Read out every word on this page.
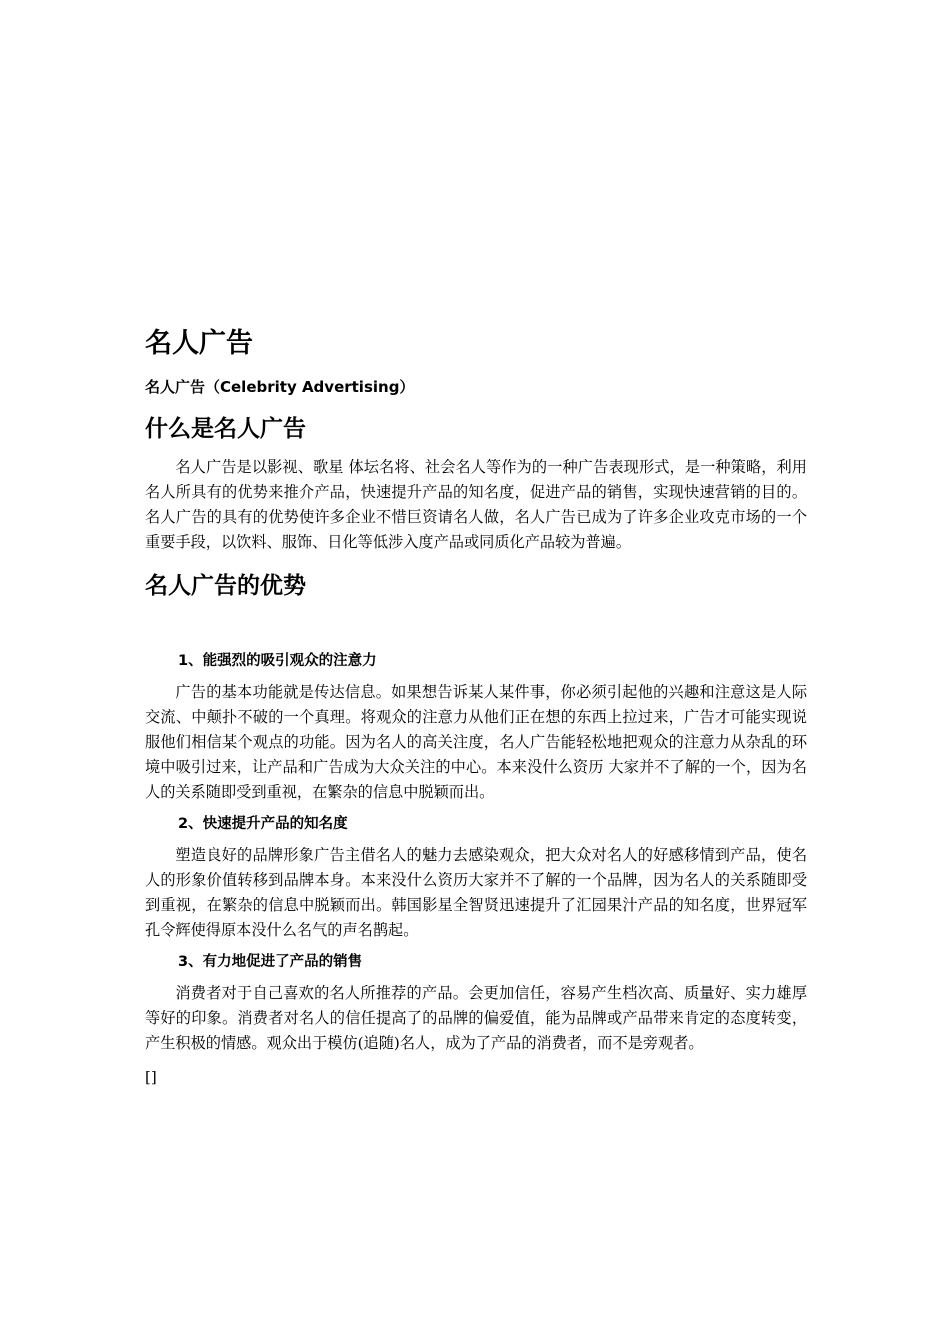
名人广告

名人广告（Celebrity Advertising）

什么是名人广告

名人广告是以影视、歌星 体坛名将、社会名人等作为的一种广告表现形式，是一种策略，利用名人所具有的优势来推介产品，快速提升产品的知名度，促进产品的销售，实现快速营销的目的。名人广告的具有的优势使许多企业不惜巨资请名人做，名人广告已成为了许多企业攻克市场的一个重要手段，以饮料、服饰、日化等低涉入度产品或同质化产品较为普遍。

名人广告的优势
1、能强烈的吸引观众的注意力

广告的基本功能就是传达信息。如果想告诉某人某件事，你必须引起他的兴趣和注意这是人际交流、中颠扑不破的一个真理。将观众的注意力从他们正在想的东西上拉过来，广告才可能实现说服他们相信某个观点的功能。因为名人的高关注度，名人广告能轻松地把观众的注意力从杂乱的环境中吸引过来，让产品和广告成为大众关注的中心。本来没什么资历 大家并不了解的一个，因为名人的关系随即受到重视，在繁杂的信息中脱颖而出。

2、快速提升产品的知名度

塑造良好的品牌形象广告主借名人的魅力去感染观众，把大众对名人的好感移情到产品，使名人的形象价值转移到品牌本身。本来没什么资历大家并不了解的一个品牌，因为名人的关系随即受到重视，在繁杂的信息中脱颖而出。韩国影星全智贤迅速提升了汇园果汁产品的知名度，世界冠军孔令辉使得原本没什么名气的声名鹊起。

3、有力地促进了产品的销售

消费者对于自己喜欢的名人所推荐的产品。会更加信任，容易产生档次高、质量好、实力雄厚等好的印象。消费者对名人的信任提高了的品牌的偏爱值，能为品牌或产品带来肯定的态度转变，产生积极的情感。观众出于模仿(追随)名人，成为了产品的消费者，而不是旁观者。

[]
